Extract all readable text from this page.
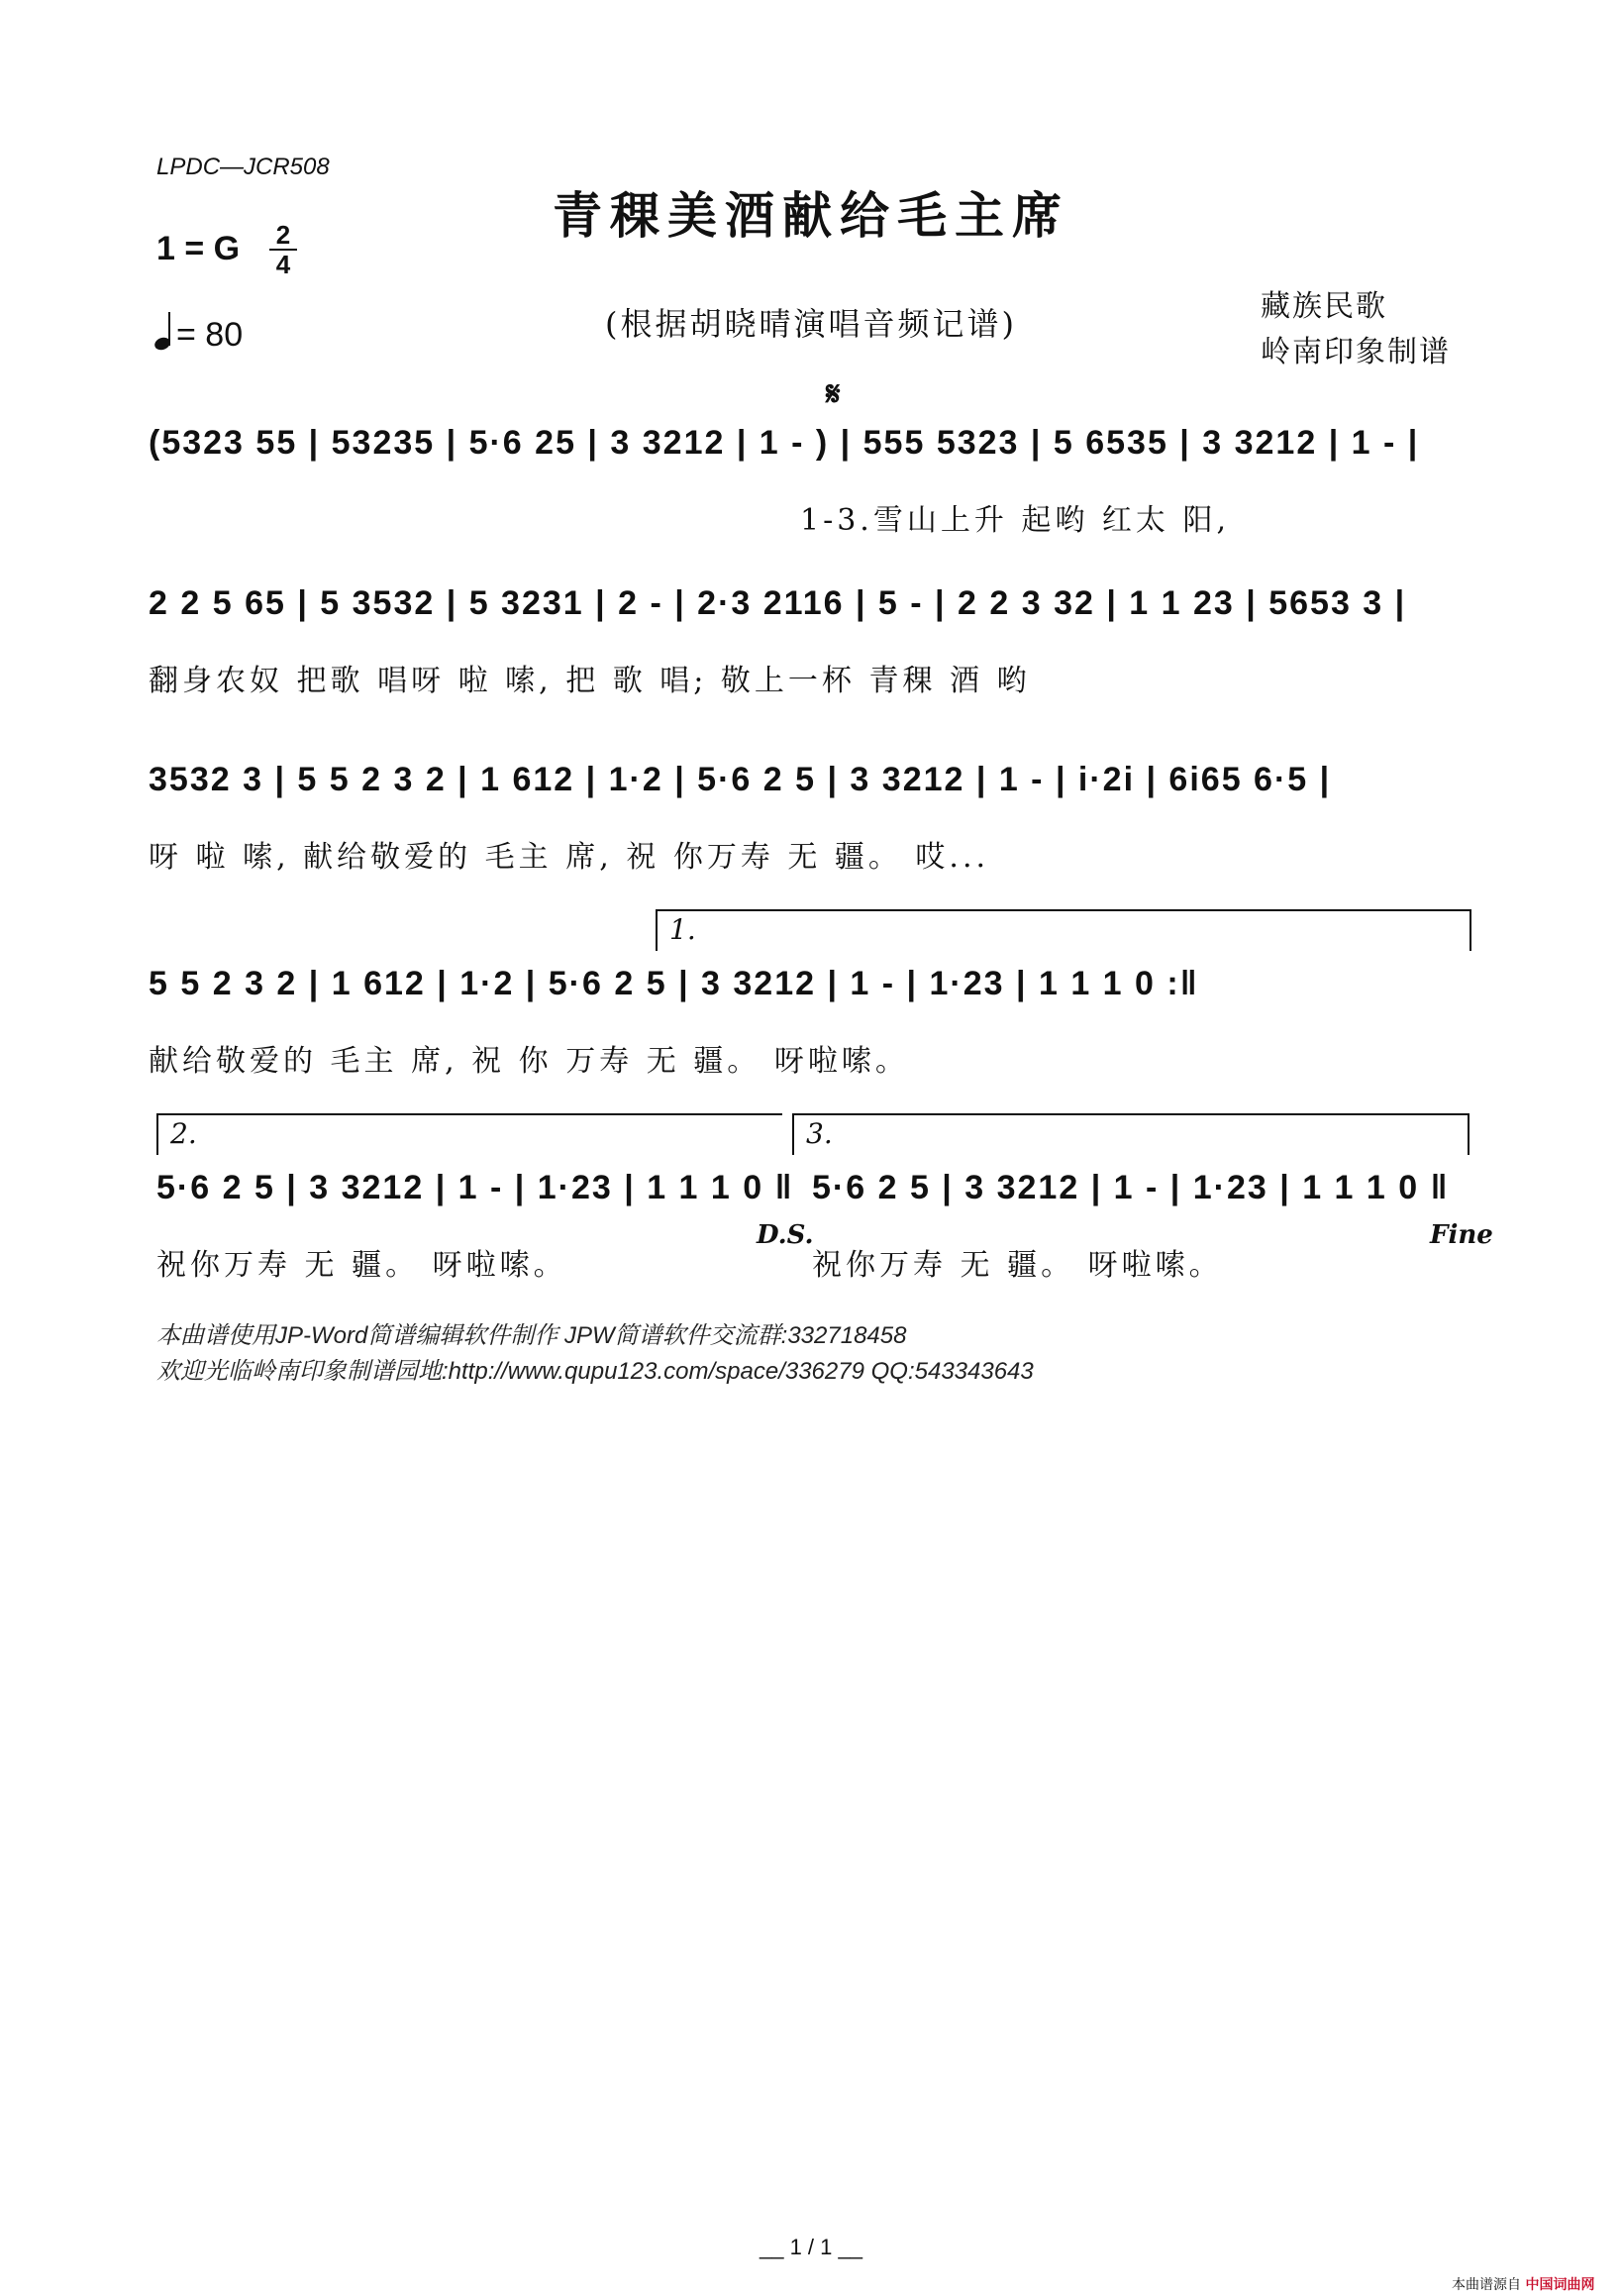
LPDC—JCR508
青稞美酒献给毛主席
1 = G 2
4
= 80	(根据胡晓晴演唱音频记谱)	藏族民歌
岭南印象制谱
𝄋
(5323 55 | 53235 | 5·6 25 | 3 3212 | 1 - ) | 555 5323 | 5 6535 | 3 3212 | 1 - |
1-3.雪山上升 起哟 红太 阳,
2 2 5 65 | 5 3532 | 5 3231 | 2 - | 2·3 2116 | 5 - | 2 2 3 32 | 1 1 23 | 5653 3 |
翻身农奴 把歌 唱呀 啦 嗦, 把 歌 唱; 敬上一杯 青稞 酒 哟
3532 3 | 5 5 2 3 2 | 1 612 | 1·2 | 5·6 2 5 | 3 3212 | 1 - | i·2i | 6i65 6·5 |
呀 啦 嗦, 献给敬爱的 毛主 席, 祝 你万寿 无 疆。 哎...
1.
5 5 2 3 2 | 1 612 | 1·2 | 5·6 2 5 | 3 3212 | 1 - | 1·23 | 1 1 1 0 :‖
献给敬爱的 毛主 席, 祝 你 万寿 无 疆。 呀啦嗦。
2.	3.
5·6 2 5 | 3 3212 | 1 - | 1·23 | 1 1 1 0 ‖ 5·6 2 5 | 3 3212 | 1 - | 1·23 | 1 1 1 0 ‖
祝你万寿 无 疆。 呀啦嗦。
D.S.
祝你万寿 无 疆。 呀啦嗦。
Fine
本曲谱使用JP-Word简谱编辑软件制作 JPW简谱软件交流群:332718458
欢迎光临岭南印象制谱园地:http://www.qupu123.com/space/336279 QQ:543343643
__ 1 / 1 __
本曲谱源自 中国词曲网
